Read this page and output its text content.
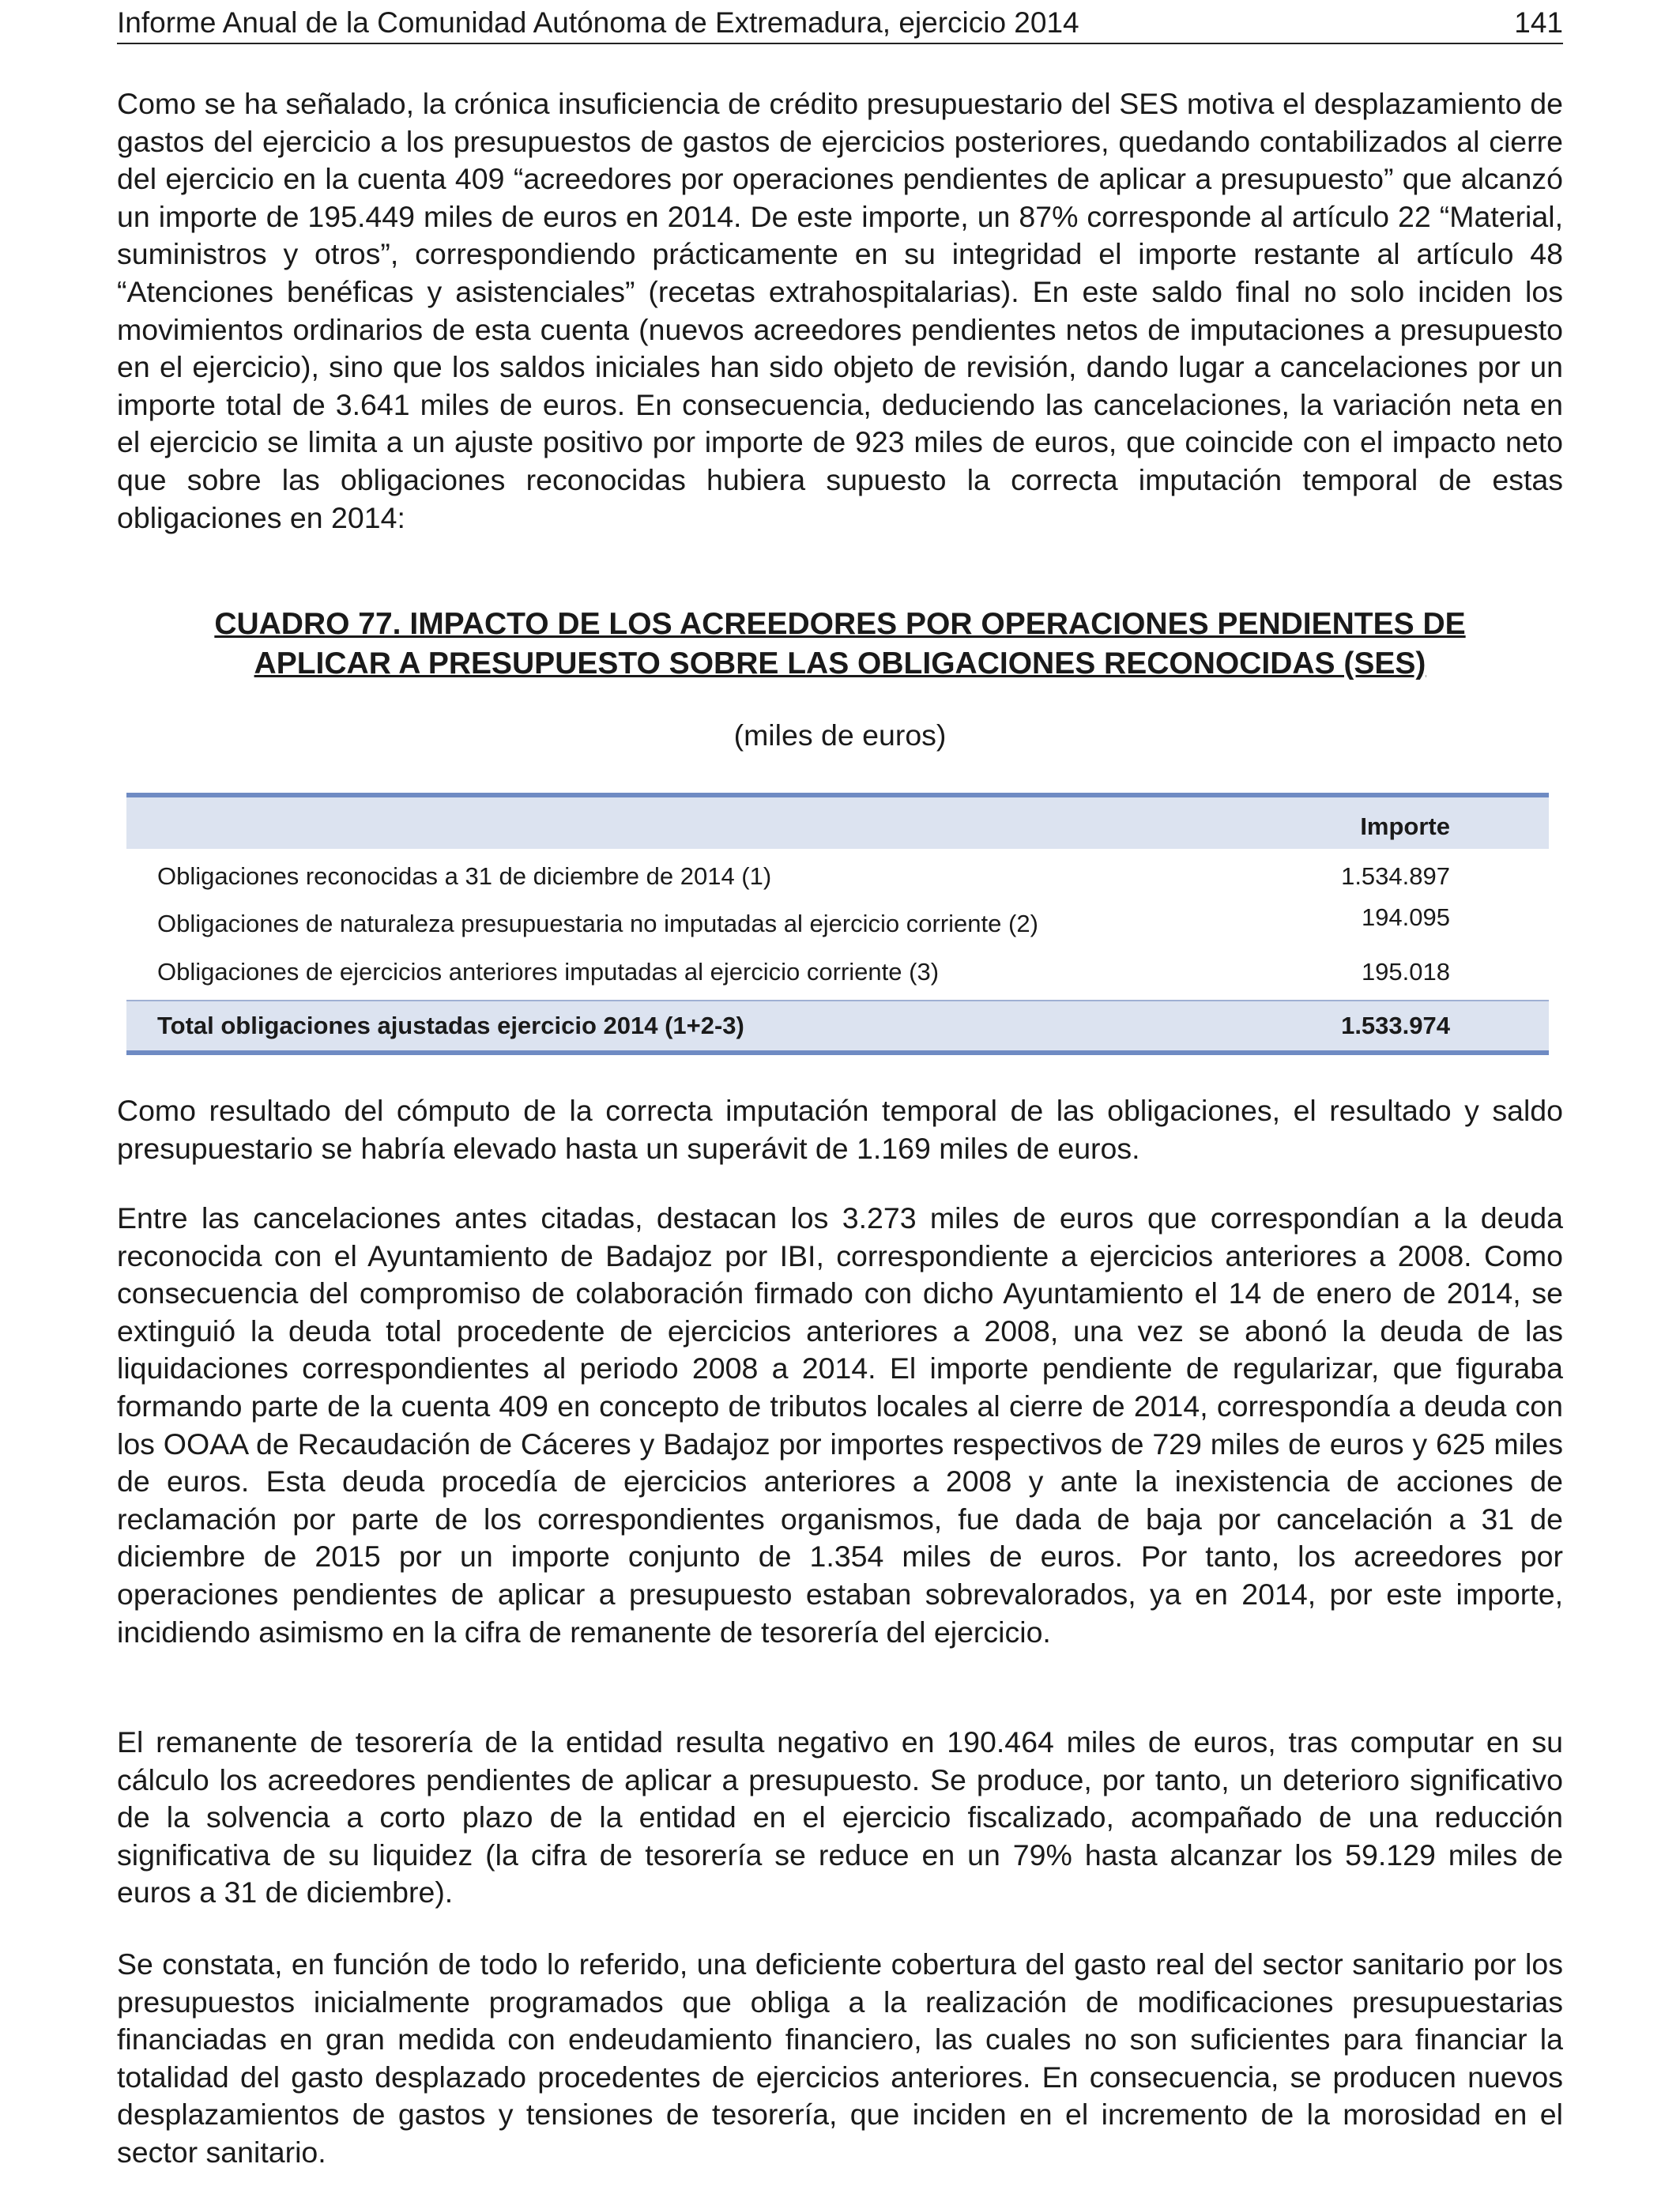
Informe Anual de la Comunidad Autónoma de Extremadura, ejercicio 2014	141

Como se ha señalado, la crónica insuficiencia de crédito presupuestario del SES motiva el desplazamiento de gastos del ejercicio a los presupuestos de gastos de ejercicios posteriores, quedando contabilizados al cierre del ejercicio en la cuenta 409 “acreedores por operaciones pendientes de aplicar a presupuesto” que alcanzó un importe de 195.449 miles de euros en 2014. De este importe, un 87% corresponde al artículo 22 “Material, suministros y otros”, correspondiendo prácticamente en su integridad el importe restante al artículo 48 “Atenciones benéficas y asistenciales” (recetas extrahospitalarias). En este saldo final no solo inciden los movimientos ordinarios de esta cuenta (nuevos acreedores pendientes netos de imputaciones a presupuesto en el ejercicio), sino que los saldos iniciales han sido objeto de revisión, dando lugar a cancelaciones por un importe total de 3.641 miles de euros. En consecuencia, deduciendo las cancelaciones, la variación neta en el ejercicio se limita a un ajuste positivo por importe de 923 miles de euros, que coincide con el impacto neto que sobre las obligaciones reconocidas hubiera supuesto la correcta imputación temporal de estas obligaciones en 2014:

CUADRO 77. IMPACTO DE LOS ACREEDORES POR OPERACIONES PENDIENTES DE
APLICAR A PRESUPUESTO SOBRE LAS OBLIGACIONES RECONOCIDAS (SES)
(miles de euros)
Importe
Obligaciones reconocidas a 31 de diciembre de 2014 (1)	1.534.897
Obligaciones de naturaleza presupuestaria no imputadas al ejercicio corriente (2)	194.095
Obligaciones de ejercicios anteriores imputadas al ejercicio corriente (3)	195.018
Total obligaciones ajustadas ejercicio 2014 (1+2-3)	1.533.974

Como resultado del cómputo de la correcta imputación temporal de las obligaciones, el resultado y saldo presupuestario se habría elevado hasta un superávit de 1.169 miles de euros.

Entre las cancelaciones antes citadas, destacan los 3.273 miles de euros que correspondían a la deuda reconocida con el Ayuntamiento de Badajoz por IBI, correspondiente a ejercicios anteriores a 2008. Como consecuencia del compromiso de colaboración firmado con dicho Ayuntamiento el 14 de enero de 2014, se extinguió la deuda total procedente de ejercicios anteriores a 2008, una vez se abonó la deuda de las liquidaciones correspondientes al periodo 2008 a 2014. El importe pendiente de regularizar, que figuraba formando parte de la cuenta 409 en concepto de tributos locales al cierre de 2014, correspondía a deuda con los OOAA de Recaudación de Cáceres y Badajoz por importes respectivos de 729 miles de euros y 625 miles de euros. Esta deuda procedía de ejercicios anteriores a 2008 y ante la inexistencia de acciones de reclamación por parte de los correspondientes organismos, fue dada de baja por cancelación a 31 de diciembre de 2015 por un importe conjunto de 1.354 miles de euros. Por tanto, los acreedores por operaciones pendientes de aplicar a presupuesto estaban sobrevalorados, ya en 2014, por este importe, incidiendo asimismo en la cifra de remanente de tesorería del ejercicio.

El remanente de tesorería de la entidad resulta negativo en 190.464 miles de euros, tras computar en su cálculo los acreedores pendientes de aplicar a presupuesto. Se produce, por tanto, un deterioro significativo de la solvencia a corto plazo de la entidad en el ejercicio fiscalizado, acompañado de una reducción significativa de su liquidez (la cifra de tesorería se reduce en un 79% hasta alcanzar los 59.129 miles de euros a 31 de diciembre).

Se constata, en función de todo lo referido, una deficiente cobertura del gasto real del sector sanitario por los presupuestos inicialmente programados que obliga a la realización de modificaciones presupuestarias financiadas en gran medida con endeudamiento financiero, las cuales no son suficientes para financiar la totalidad del gasto desplazado procedentes de ejercicios anteriores. En consecuencia, se producen nuevos desplazamientos de gastos y tensiones de tesorería, que inciden en el incremento de la morosidad en el sector sanitario.
